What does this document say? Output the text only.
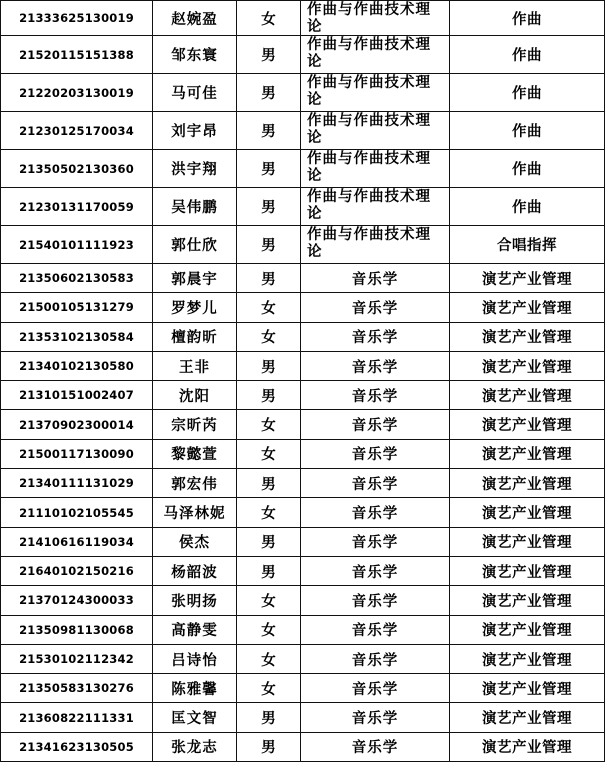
21333625130019	赵婉盈	女	作曲与作曲技术理论	作曲
21520115151388	邹东寰	男	作曲与作曲技术理论	作曲
21220203130019	马可佳	男	作曲与作曲技术理论	作曲
21230125170034	刘宇昂	男	作曲与作曲技术理论	作曲
21350502130360	洪宇翔	男	作曲与作曲技术理论	作曲
21230131170059	吴伟鹏	男	作曲与作曲技术理论	作曲
21540101111923	郭仕欣	男	作曲与作曲技术理论	合唱指挥
21350602130583	郭晨宇	男	音乐学	演艺产业管理
21500105131279	罗梦儿	女	音乐学	演艺产业管理
21353102130584	檀韵昕	女	音乐学	演艺产业管理
21340102130580	王非	男	音乐学	演艺产业管理
21310151002407	沈阳	男	音乐学	演艺产业管理
21370902300014	宗昕芮	女	音乐学	演艺产业管理
21500117130090	黎懿萱	女	音乐学	演艺产业管理
21340111131029	郭宏伟	男	音乐学	演艺产业管理
21110102105545	马泽林妮	女	音乐学	演艺产业管理
21410616119034	侯杰	男	音乐学	演艺产业管理
21640102150216	杨韶波	男	音乐学	演艺产业管理
21370124300033	张明扬	女	音乐学	演艺产业管理
21350981130068	高静雯	女	音乐学	演艺产业管理
21530102112342	吕诗怡	女	音乐学	演艺产业管理
21350583130276	陈雅馨	女	音乐学	演艺产业管理
21360822111331	匡文智	男	音乐学	演艺产业管理
21341623130505	张龙志	男	音乐学	演艺产业管理
